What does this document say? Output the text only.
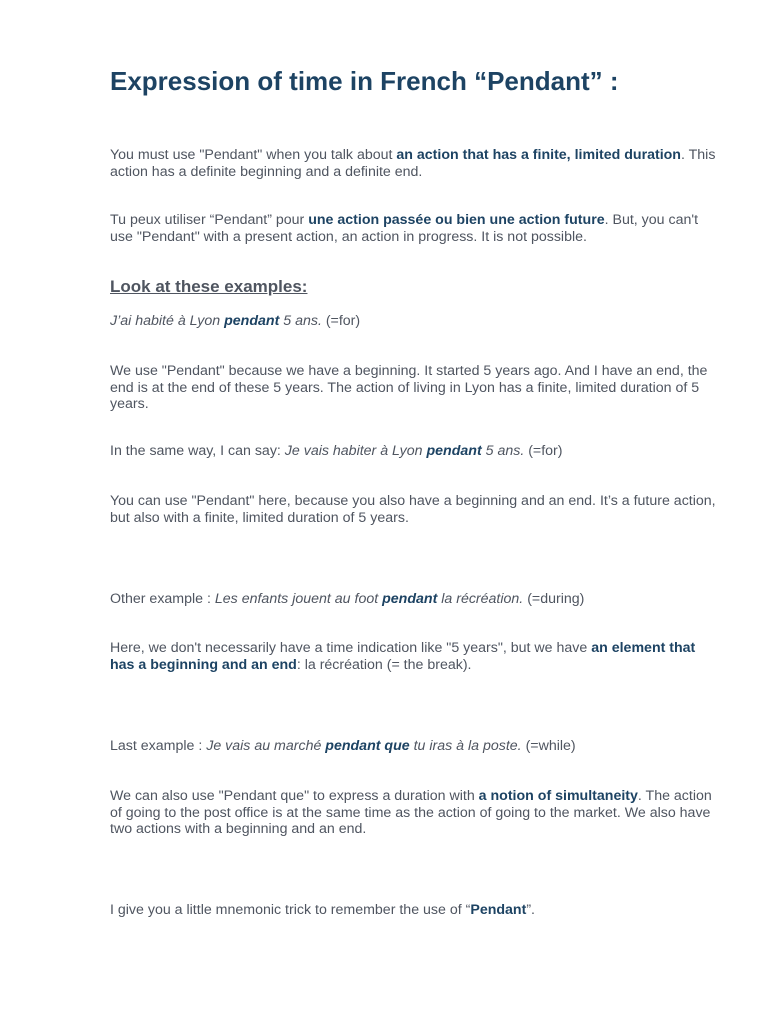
Expression of time in French “Pendant” :

You must use "Pendant" when you talk about an action that has a finite, limited duration. This action has a definite beginning and a definite end.

Tu peux utiliser “Pendant” pour une action passée ou bien une action future. But, you can't use "Pendant" with a present action, an action in progress. It is not possible.

Look at these examples:

J’ai habité à Lyon pendant 5 ans. (=for)

We use "Pendant" because we have a beginning. It started 5 years ago. And I have an end, the end is at the end of these 5 years. The action of living in Lyon has a finite, limited duration of 5 years.

In the same way, I can say: Je vais habiter à Lyon pendant 5 ans. (=for)

You can use "Pendant" here, because you also have a beginning and an end. It’s a future action, but also with a finite, limited duration of 5 years.

Other example : Les enfants jouent au foot pendant la récréation. (=during)

Here, we don't necessarily have a time indication like "5 years", but we have an element that has a beginning and an end: la récréation (= the break).

Last example : Je vais au marché pendant que tu iras à la poste. (=while)

We can also use "Pendant que" to express a duration with a notion of simultaneity. The action of going to the post office is at the same time as the action of going to the market. We also have two actions with a beginning and an end.

I give you a little mnemonic trick to remember the use of “Pendant”.
